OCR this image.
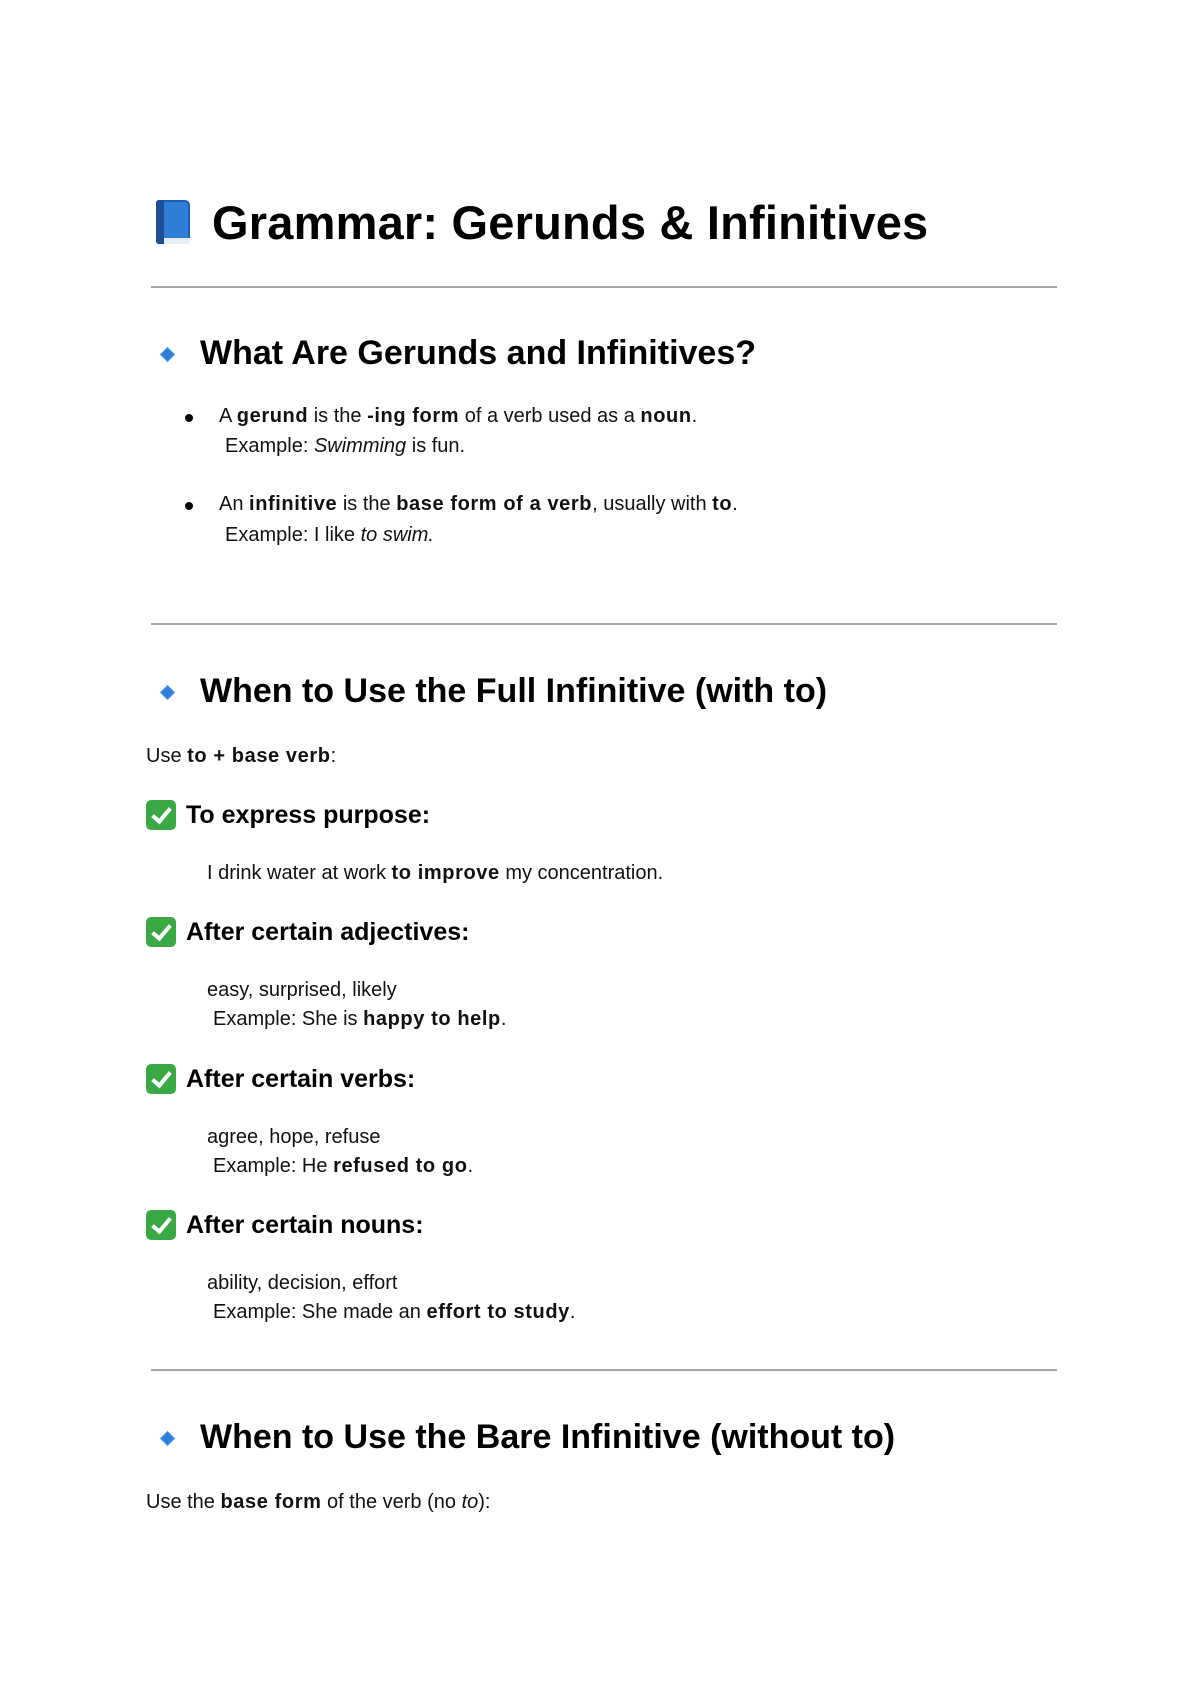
Grammar: Gerunds & Infinitives
What Are Gerunds and Infinitives?
A gerund is the -ing form of a verb used as a noun.
Example: Swimming is fun.
An infinitive is the base form of a verb, usually with to.
Example: I like to swim.
When to Use the Full Infinitive (with to)
Use to + base verb:
To express purpose:
I drink water at work to improve my concentration.
After certain adjectives:
easy, surprised, likely
Example: She is happy to help.
After certain verbs:
agree, hope, refuse
Example: He refused to go.
After certain nouns:
ability, decision, effort
Example: She made an effort to study.
When to Use the Bare Infinitive (without to)
Use the base form of the verb (no to):
